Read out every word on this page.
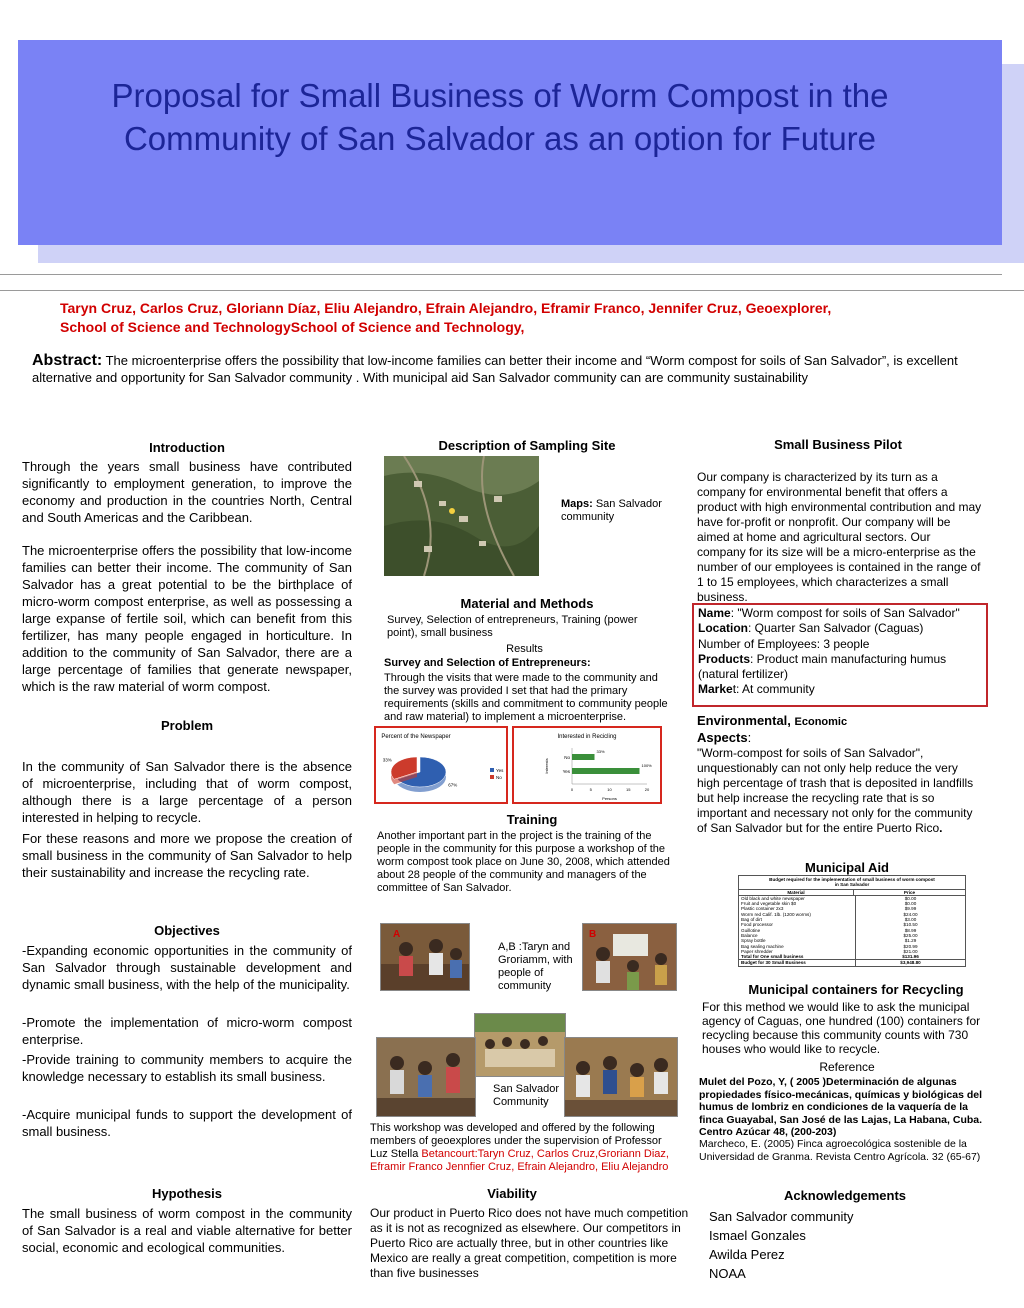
Proposal for Small Business of Worm Compost in the
Community of San Salvador as an option for Future
Taryn Cruz, Carlos Cruz, Gloriann Díaz, Eliu Alejandro, Efrain Alejandro, Eframir Franco, Jennifer Cruz, Geoexplorer,
School of Science and TechnologySchool of Science and Technology,
Abstract: The microenterprise offers the possibility that low-income families can better their income and “Worm compost for soils of San Salvador”, is excellent alternative and opportunity for San Salvador community . With municipal aid San Salvador community can are community sustainability
Introduction
Through the years small business have contributed significantly to employment generation, to improve the economy and production in the countries North, Central and South Americas and the Caribbean.
The microenterprise offers the possibility that low-income families can better their income. The community of San Salvador has a great potential to be the birthplace of micro-worm compost enterprise, as well as possessing a large expanse of fertile soil, which can benefit from this fertilizer, has many people engaged in horticulture. In addition to the community of San Salvador, there are a large percentage of families that generate newspaper, which is the raw material of worm compost.
Problem
In the community of San Salvador there is the absence of microenterprise, including that of worm compost, although there is a large percentage of a person interested in helping to recycle.
For these reasons and more we propose the creation of small business in the community of San Salvador to help their sustainability and increase the recycling rate.
Objectives
-Expanding economic opportunities in the community of San Salvador through sustainable development and dynamic small business, with the help of the municipality.
-Promote the implementation of micro-worm compost enterprise.
-Provide training to community members to acquire the knowledge necessary to establish its small business.
-Acquire municipal funds to support the development of small business.
Hypothesis
The small business of worm compost in the community of San Salvador is a real and viable alternative for better social, economic and ecological communities.
Description of Sampling Site
Maps: San Salvador community
Material and Methods
Survey, Selection of entrepreneurs, Training (power point), small business
Results
Survey and Selection of Entrepreneurs:
Through the visits that were made to the community and the survey was provided I set that had the primary requirements (skills and commitment to community people and raw material) to implement a microenterprise.
Percent of the Newspaper
67%
33%
Yes
No
Interested in Recicling
0	5	10	15	20
No
33%
Yes
100%
Persons
Interests
Training
Another important part in the project is the training of the people in the community for this purpose a workshop of the worm compost took place on June 30, 2008, which attended about 28 people of the community and managers of the committee of San Salvador.
A	B
A,B :Taryn and Groriamm, with people of community
San Salvador Community
This workshop was developed and offered by the following members of geoexplores under the supervision of Professor Luz Stella Betancourt:Taryn Cruz, Carlos Cruz,Groriann Diaz, Eframir Franco Jennfier Cruz, Efrain Alejandro, Eliu Alejandro
Viability
Our product in Puerto Rico does not have much competition as it is not as recognized as elsewhere. Our competitors in Puerto Rico are actually three, but in other countries like Mexico are really a great competition, competition is more than five businesses
Small Business Pilot
Our company is characterized by its turn as a company for environmental benefit that offers a product with high environmental contribution and may have for-profit or nonprofit. Our company will be aimed at home and agricultural sectors. Our company for its size will be a micro-enterprise as the number of our employees is contained in the range of 1 to 15 employees, which characterizes a small business.
Name: "Worm compost for soils of San Salvador"
Location: Quarter San Salvador (Caguas)
Number of Employees: 3 people
Products: Product main manufacturing humus (natural fertilizer)
Market: At community
Environmental, Economic
Aspects:
"Worm-compost for soils of San Salvador", unquestionably can not only help reduce the very high percentage of trash that is deposited in landfills but help increase the recycling rate that is so important and necessary not only for the community of San Salvador but for the entire Puerto Rico.
Municipal Aid
Budget required for the implementation of small business of worm compost in San Salvador
Material	Price
Old black and white newspaper	$0.00
Fruit and vegetable skin $0	$0.00
Plastic container 2x3	$9.99
Worm red Calif. 1lb. (1200 worms)	$24.00
Bag of dirt	$3.00
Food processor	$10.50
Guillotine	$8.99
Balance	$25.00
Spray bottle	$1.29
Bag sealing machine	$20.99
Paper shredder	$21.00
Total for One small business	$131.96
Budget for 30 Small Business	$3,948.80
Municipal containers for Recycling
For this method we would like to ask the municipal agency of Caguas, one hundred (100) containers for recycling because this community counts with 730 houses who would like to recycle.
Reference
Mulet del Pozo, Y, ( 2005 )Determinación de algunas propiedades físico-mecánicas, químicas y biológicas del humus de lombriz en condiciones de la vaquería de la finca Guayabal, San José de las Lajas, La Habana, Cuba. Centro Azúcar 48, (200-203)
Marcheco, E. (2005) Finca agroecológica sostenible de la Universidad de Granma. Revista Centro Agrícola. 32 (65-67)
Acknowledgements
San Salvador community
Ismael Gonzales
Awilda Perez
NOAA
